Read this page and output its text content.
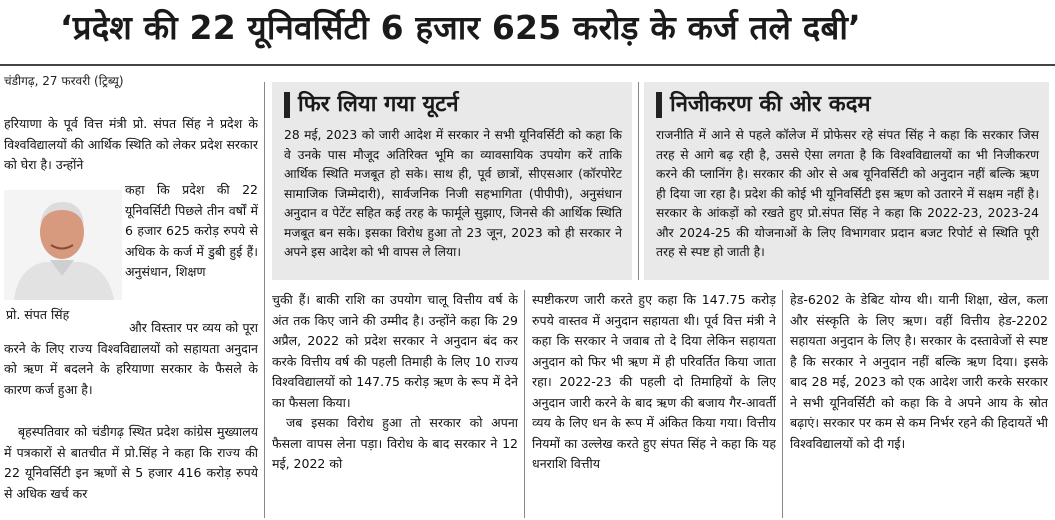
‘प्रदेश की 22 यूनिवर्सिटी 6 हजार 625 करोड़ के कर्ज तले दबी’
चंडीगढ़, 27 फरवरी (ट्रिब्यू)

हरियाणा के पूर्व वित्त मंत्री प्रो. संपत सिंह ने प्रदेश के विश्वविद्यालयों की आर्थिक स्थिति को लेकर प्रदेश सरकार को घेरा है। उन्होंने

कहा कि प्रदेश की 22 यूनिवर्सिटी पिछले तीन वर्षों में 6 हजार 625 करोड़ रुपये से अधिक के कर्ज में डुबी हुई हैं। अनुसंधान, शिक्षण
प्रो. संपत सिंह

और विस्तार पर व्यय को पूरा करने के लिए राज्य विश्वविद्यालयों को सहायता अनुदान को ऋण में बदलने के हरियाणा सरकार के फैसले के कारण कर्ज हुआ है।

बृहस्पतिवार को चंडीगढ़ स्थित प्रदेश कांग्रेस मुख्यालय में पत्रकारों से बातचीत में प्रो.सिंह ने कहा कि राज्य की 22 यूनिवर्सिटी इन ऋणों से 5 हजार 416 करोड़ रुपये से अधिक खर्च कर

फिर लिया गया यूटर्न

28 मई, 2023 को जारी आदेश में सरकार ने सभी यूनिवर्सिटी को कहा कि वे उनके पास मौजूद अतिरिक्त भूमि का व्यावसायिक उपयोग करें ताकि आर्थिक स्थिति मजबूत हो सके। साथ ही, पूर्व छात्रों, सीएसआर (कॉरपोरेट सामाजिक जिम्मेदारी), सार्वजनिक निजी सहभागिता (पीपीपी), अनुसंधान अनुदान व पेटेंट सहित कई तरह के फार्मूले सुझाए, जिनसे की आर्थिक स्थिति मजबूत बन सके। इसका विरोध हुआ तो 23 जून, 2023 को ही सरकार ने अपने इस आदेश को भी वापस ले लिया।

निजीकरण की ओर कदम

राजनीति में आने से पहले कॉलेज में प्रोफेसर रहे संपत सिंह ने कहा कि सरकार जिस तरह से आगे बढ़ रही है, उससे ऐसा लगता है कि विश्वविद्यालयों का भी निजीकरण करने की प्लानिंग है। सरकार की ओर से अब यूनिवर्सिटी को अनुदान नहीं बल्कि ऋण ही दिया जा रहा है। प्रदेश की कोई भी यूनिवर्सिटी इस ऋण को उतारने में सक्षम नहीं है। सरकार के आंकड़ों को रखते हुए प्रो.संपत सिंह ने कहा कि 2022-23, 2023-24 और 2024-25 की योजनाओं के लिए विभागवार प्रदान बजट रिपोर्ट से स्थिति पूरी तरह से स्पष्ट हो जाती है।

चुकी हैं। बाकी राशि का उपयोग चालू वित्तीय वर्ष के अंत तक किए जाने की उम्मीद है। उन्होंने कहा कि 29 अप्रैल, 2022 को प्रदेश सरकार ने अनुदान बंद कर करके वित्तीय वर्ष की पहली तिमाही के लिए 10 राज्य विश्वविद्यालयों को 147.75 करोड़ ऋण के रूप में देने का फैसला किया।

जब इसका विरोध हुआ तो सरकार को अपना फैसला वापस लेना पड़ा। विरोध के बाद सरकार ने 12 मई, 2022 को

स्पष्टीकरण जारी करते हुए कहा कि 147.75 करोड़ रुपये वास्तव में अनुदान सहायता थी। पूर्व वित्त मंत्री ने कहा कि सरकार ने जवाब तो दे दिया लेकिन सहायता अनुदान को फिर भी ऋण में ही परिवर्तित किया जाता रहा। 2022-23 की पहली दो तिमाहियों के लिए अनुदान जारी करने के बाद ऋण की बजाय गैर-आवर्ती व्यय के लिए धन के रूप में अंकित किया गया। वित्तीय नियमों का उल्लेख करते हुए संपत सिंह ने कहा कि यह धनराशि वित्तीय

हेड-6202 के डेबिट योग्य थी। यानी शिक्षा, खेल, कला और संस्कृति के लिए ऋण। वहीं वित्तीय हेड-2202 सहायता अनुदान के लिए है। सरकार के दस्तावेजों से स्पष्ट है कि सरकार ने अनुदान नहीं बल्कि ऋण दिया। इसके बाद 28 मई, 2023 को एक आदेश जारी करके सरकार ने सभी यूनिवर्सिटी को कहा कि वे अपने आय के स्रोत बढ़ाएं। सरकार पर कम से कम निर्भर रहने की हिदायतें भी विश्वविद्यालयों को दी गई।
